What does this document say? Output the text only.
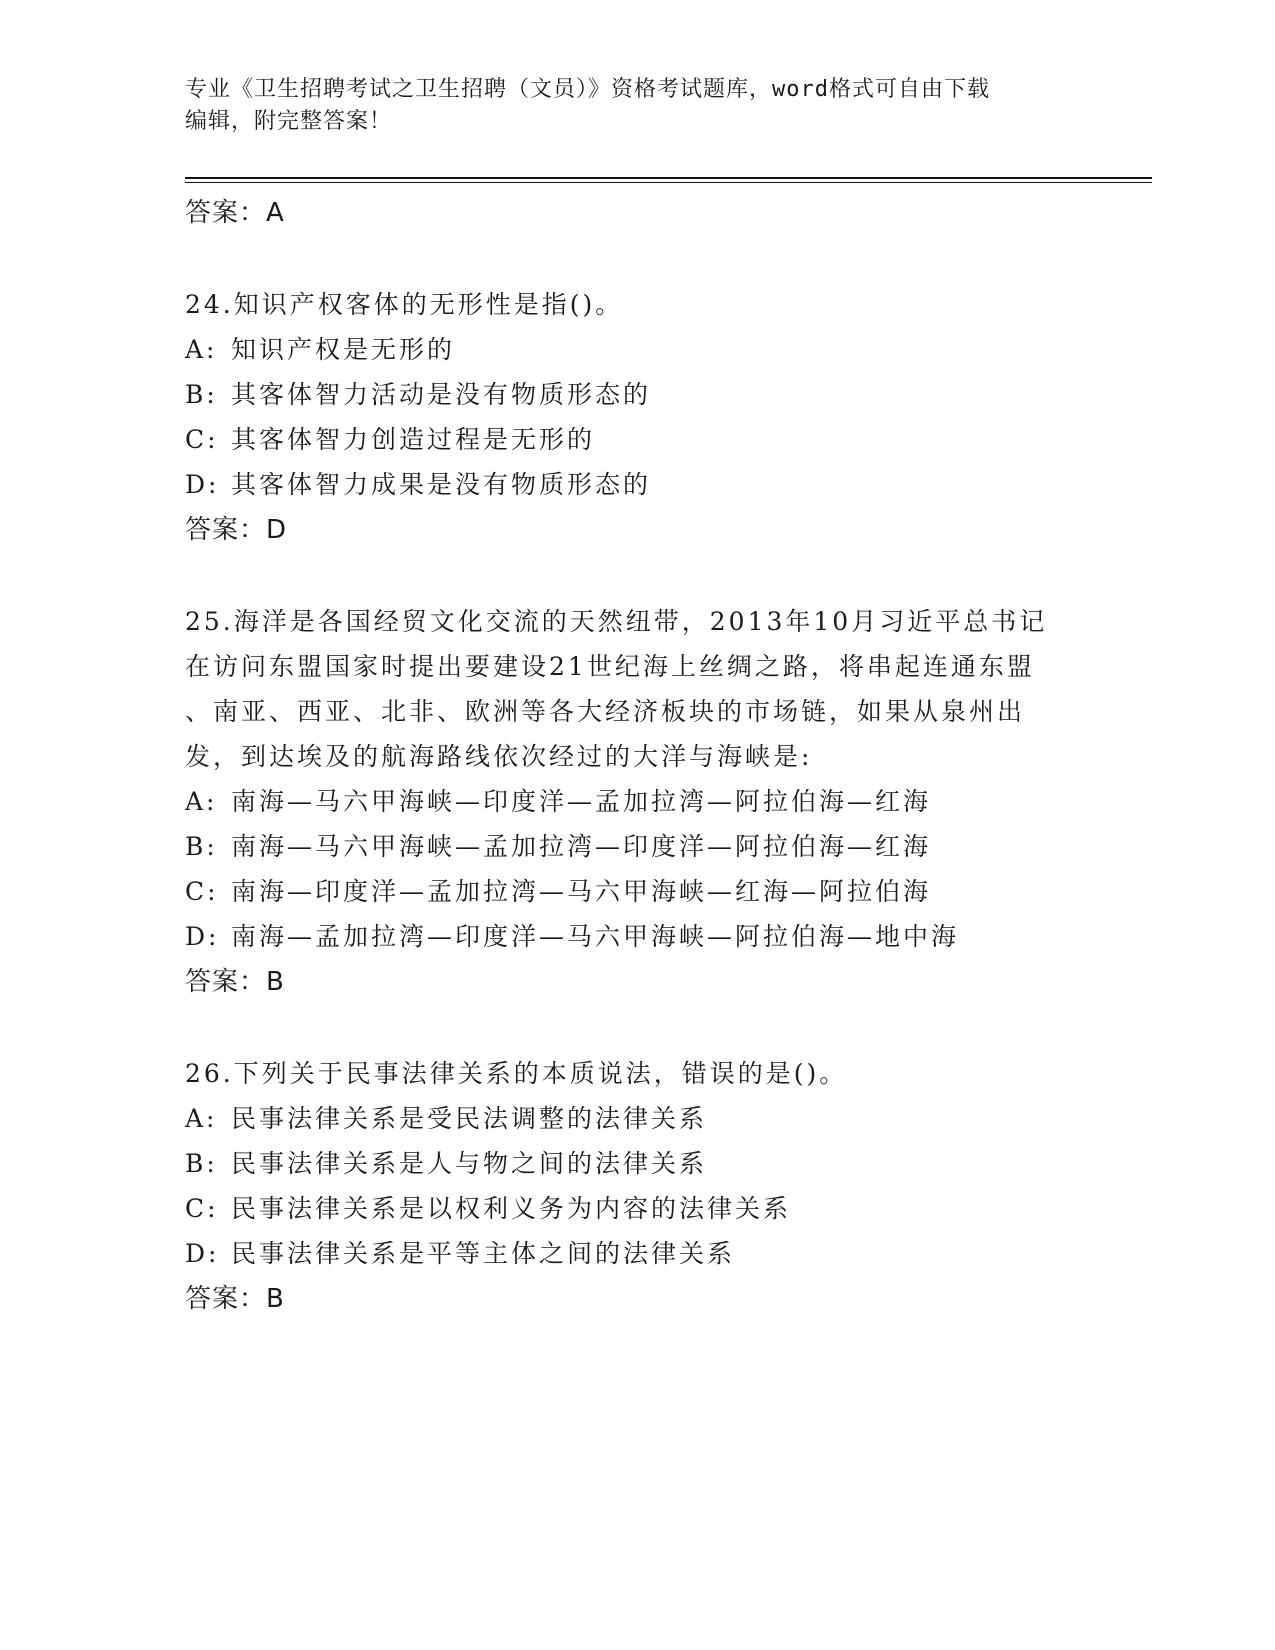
专业《卫生招聘考试之卫生招聘（文员）》资格考试题库，word格式可自由下载
编辑，附完整答案！

答案：A

24.知识产权客体的无形性是指()。

A: 知识产权是无形的

B: 其客体智力活动是没有物质形态的

C: 其客体智力创造过程是无形的

D: 其客体智力成果是没有物质形态的

答案：D

25.海洋是各国经贸文化交流的天然纽带，2013年10月习近平总书记

在访问东盟国家时提出要建设21世纪海上丝绸之路，将串起连通东盟

、南亚、西亚、北非、欧洲等各大经济板块的市场链，如果从泉州出

发，到达埃及的航海路线依次经过的大洋与海峡是:

A: 南海—马六甲海峡—印度洋—孟加拉湾—阿拉伯海—红海

B: 南海—马六甲海峡—孟加拉湾—印度洋—阿拉伯海—红海

C: 南海—印度洋—孟加拉湾—马六甲海峡—红海—阿拉伯海

D: 南海—孟加拉湾—印度洋—马六甲海峡—阿拉伯海—地中海

答案：B

26.下列关于民事法律关系的本质说法，错误的是()。

A: 民事法律关系是受民法调整的法律关系

B: 民事法律关系是人与物之间的法律关系

C: 民事法律关系是以权利义务为内容的法律关系

D: 民事法律关系是平等主体之间的法律关系

答案：B
